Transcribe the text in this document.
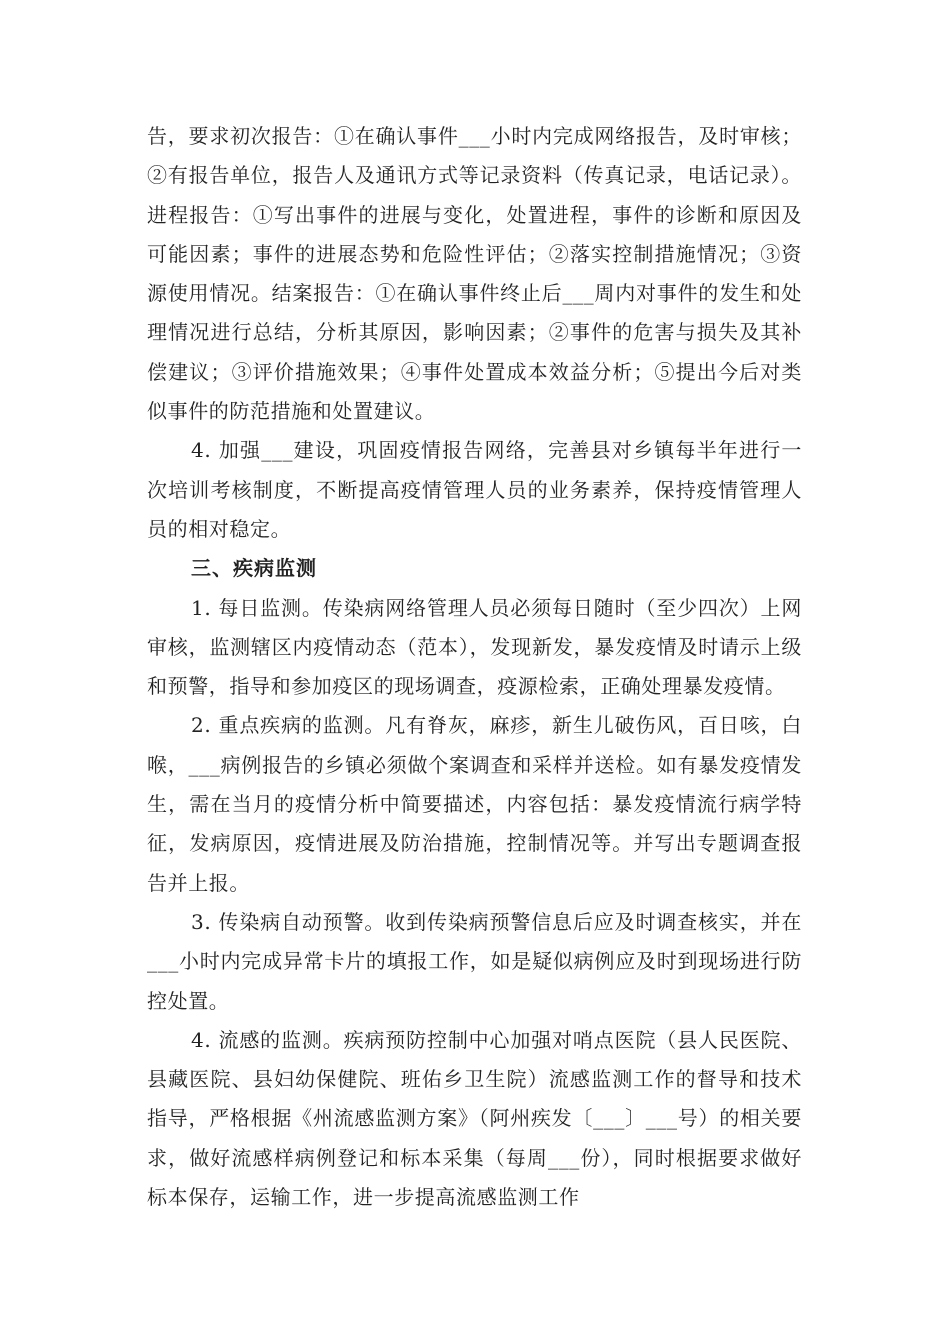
告，要求初次报告：①在确认事件___小时内完成网络报告，及时审核；②有报告单位，报告人及通讯方式等记录资料（传真记录，电话记录）。进程报告：①写出事件的进展与变化，处置进程，事件的诊断和原因及可能因素；事件的进展态势和危险性评估；②落实控制措施情况；③资源使用情况。结案报告：①在确认事件终止后___周内对事件的发生和处理情况进行总结，分析其原因，影响因素；②事件的危害与损失及其补偿建议；③评价措施效果；④事件处置成本效益分析；⑤提出今后对类似事件的防范措施和处置建议。

4. 加强___建设，巩固疫情报告网络，完善县对乡镇每半年进行一次培训考核制度，不断提高疫情管理人员的业务素养，保持疫情管理人员的相对稳定。

三、疾病监测

1. 每日监测。传染病网络管理人员必须每日随时（至少四次）上网审核，监测辖区内疫情动态（范本），发现新发，暴发疫情及时请示上级和预警，指导和参加疫区的现场调查，疫源检索，正确处理暴发疫情。

2. 重点疾病的监测。凡有脊灰，麻疹，新生儿破伤风，百日咳，白喉，___病例报告的乡镇必须做个案调查和采样并送检。如有暴发疫情发生，需在当月的疫情分析中简要描述，内容包括：暴发疫情流行病学特征，发病原因，疫情进展及防治措施，控制情况等。并写出专题调查报告并上报。

3. 传染病自动预警。收到传染病预警信息后应及时调查核实，并在___小时内完成异常卡片的填报工作，如是疑似病例应及时到现场进行防控处置。

4. 流感的监测。疾病预防控制中心加强对哨点医院（县人民医院、县藏医院、县妇幼保健院、班佑乡卫生院）流感监测工作的督导和技术指导，严格根据《州流感监测方案》（阿州疾发〔___〕___号）的相关要求，做好流感样病例登记和标本采集（每周___份），同时根据要求做好标本保存，运输工作，进一步提高流感监测工作
